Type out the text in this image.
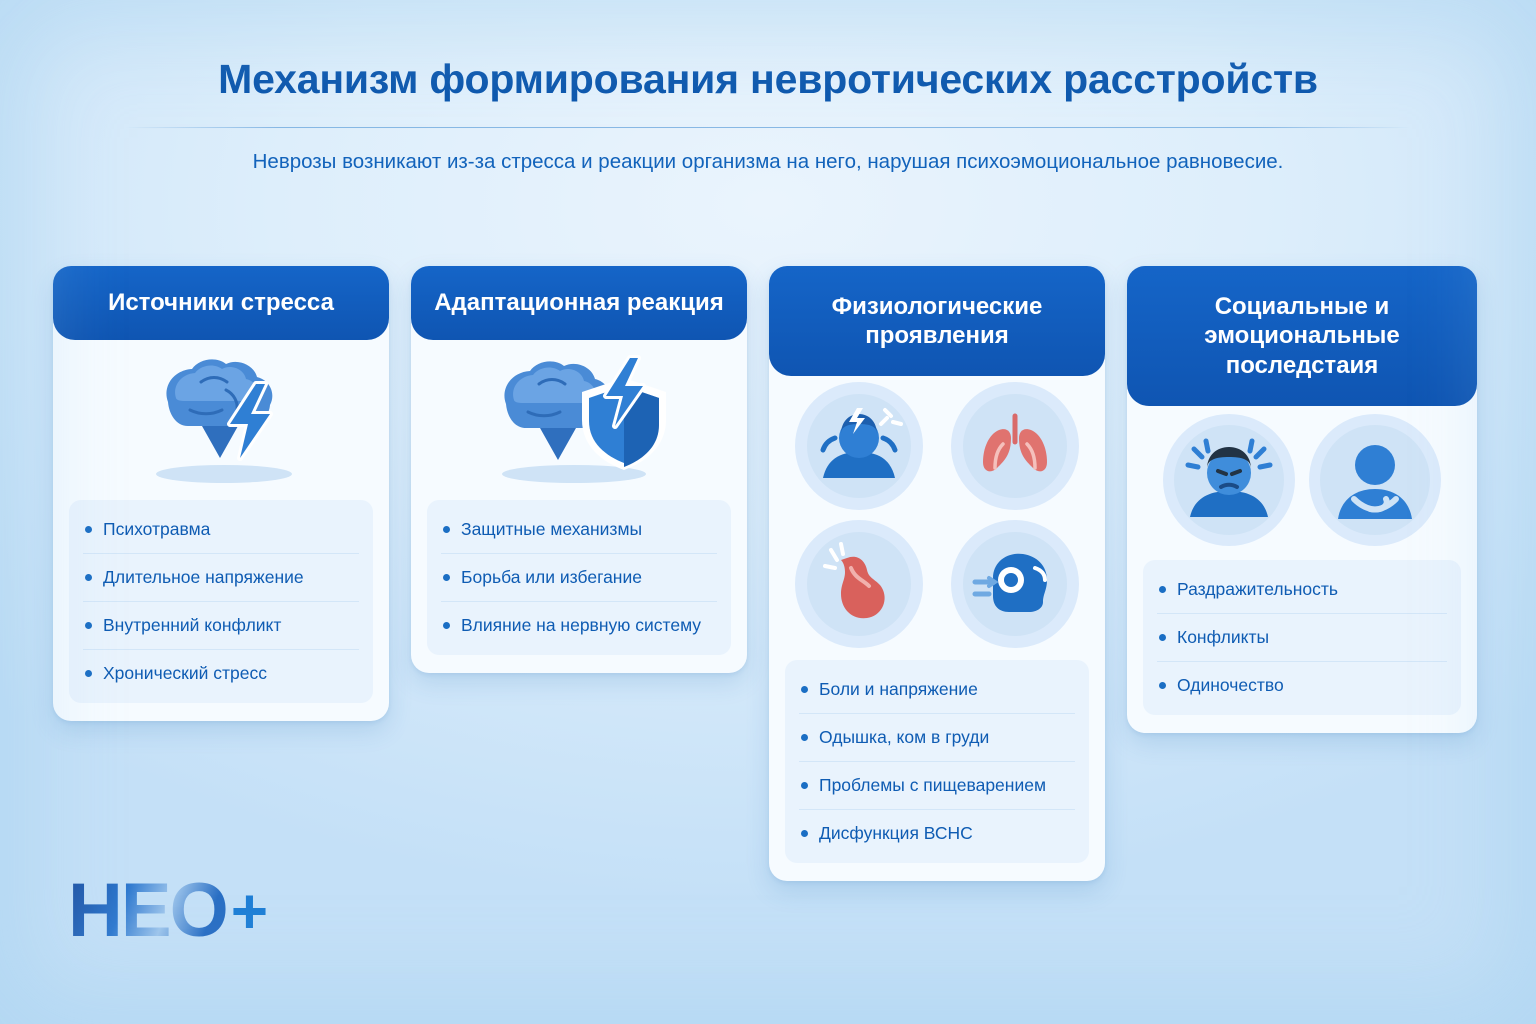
Механизм формирования невротических расстройств

Неврозы возникают из-за стресса и реакции организма на него, нарушая психоэмоциональное равновесие.

Источники стресса
Психотравма
Длительное напряжение
Внутренний конфликт
Хронический стресс
Адаптационная реакция
Защитные механизмы
Борьба или избегание
Влияние на нервную систему
Физиологические проявления
Боли и напряжение
Одышка, ком в груди
Проблемы с пищеварением
Дисфункция ВСНС
Социальные и эмоциональные последстаия
Раздражительность
Конфликты
Одиночество
HEO +
